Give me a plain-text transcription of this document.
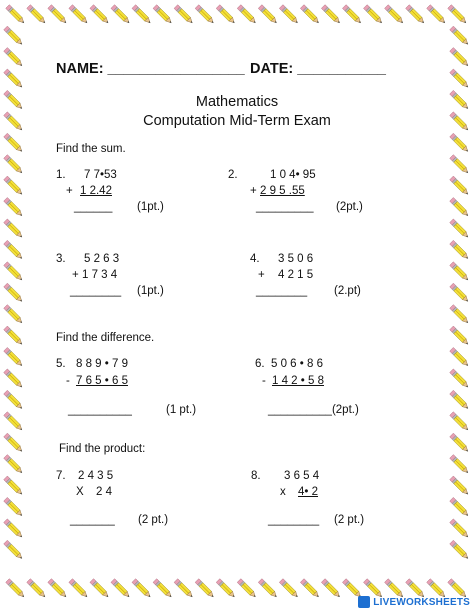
NAME: _________________ DATE: ___________
Mathematics
Computation Mid-Term Exam
Find the sum.
Find the difference.
Find the product:
1. 7 7•53
+ 1 2.42
______ (1pt.)
2.	1 0 4• 95
+ 2 9 5 .55
_________ (2pt.)
3. 5 2 6 3
+ 1 7 3 4
________ (1pt.)
4. 3 5 0 6
+ 4 2 1 5
________ (2.pt)
5. 8 8 9 • 7 9
- 7 6 5 • 6 5
__________	(1 pt.)
6. 5 0 6 • 8 6
- 1 4 2 • 5 8
__________(2pt.)
7. 2 4 3 5
X 2 4
_______ (2 pt.)
8. 3 6 5 4
x 4• 2
________ (2 pt.)
LIVEWORKSHEETS
